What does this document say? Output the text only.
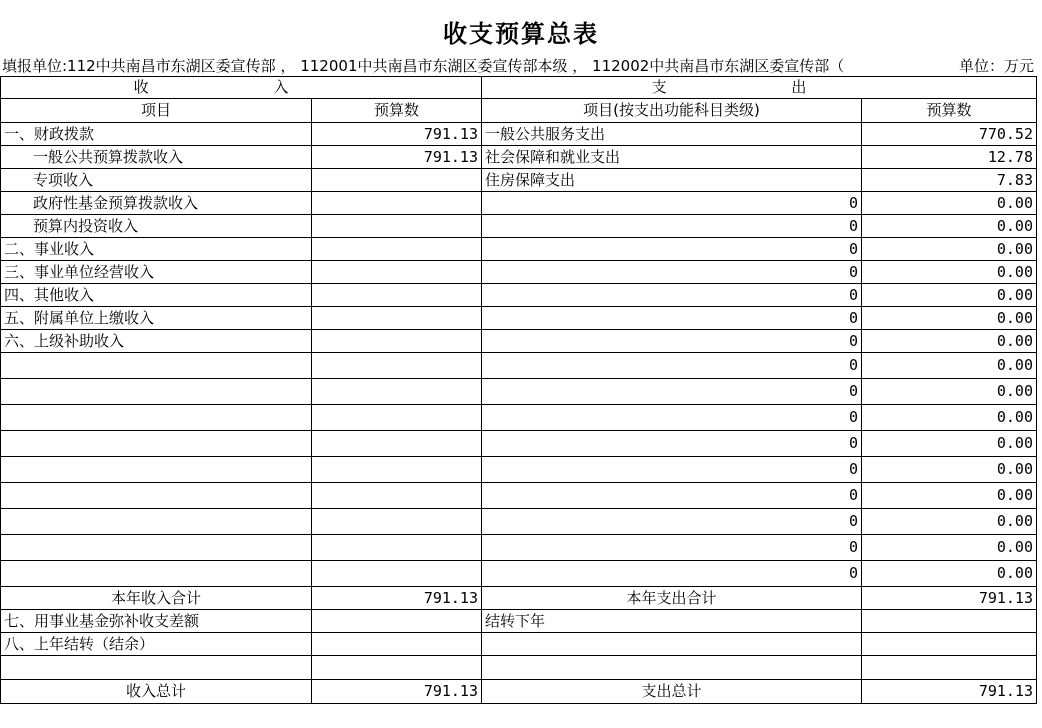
收支预算总表
填报单位:112中共南昌市东湖区委宣传部 ， 112001中共南昌市东湖区委宣传部本级 ， 112002中共南昌市东湖区委宣传部（	单位：万元
收 入		支 出	
项目	预算数	项目(按支出功能科目类级)	预算数
一、财政拨款	791.13	一般公共服务支出	770.52
一般公共预算拨款收入	791.13	社会保障和就业支出	12.78
专项收入		住房保障支出	7.83
政府性基金预算拨款收入		0	0.00
预算内投资收入		0	0.00
二、事业收入		0	0.00
三、事业单位经营收入		0	0.00
四、其他收入		0	0.00
五、附属单位上缴收入		0	0.00
六、上级补助收入		0	0.00
		0	0.00
		0	0.00
		0	0.00
		0	0.00
		0	0.00
		0	0.00
		0	0.00
		0	0.00
		0	0.00
本年收入合计	791.13	本年支出合计	791.13
七、用事业基金弥补收支差额		结转下年	
八、上年结转（结余）			

收入总计	791.13	支出总计	791.13
